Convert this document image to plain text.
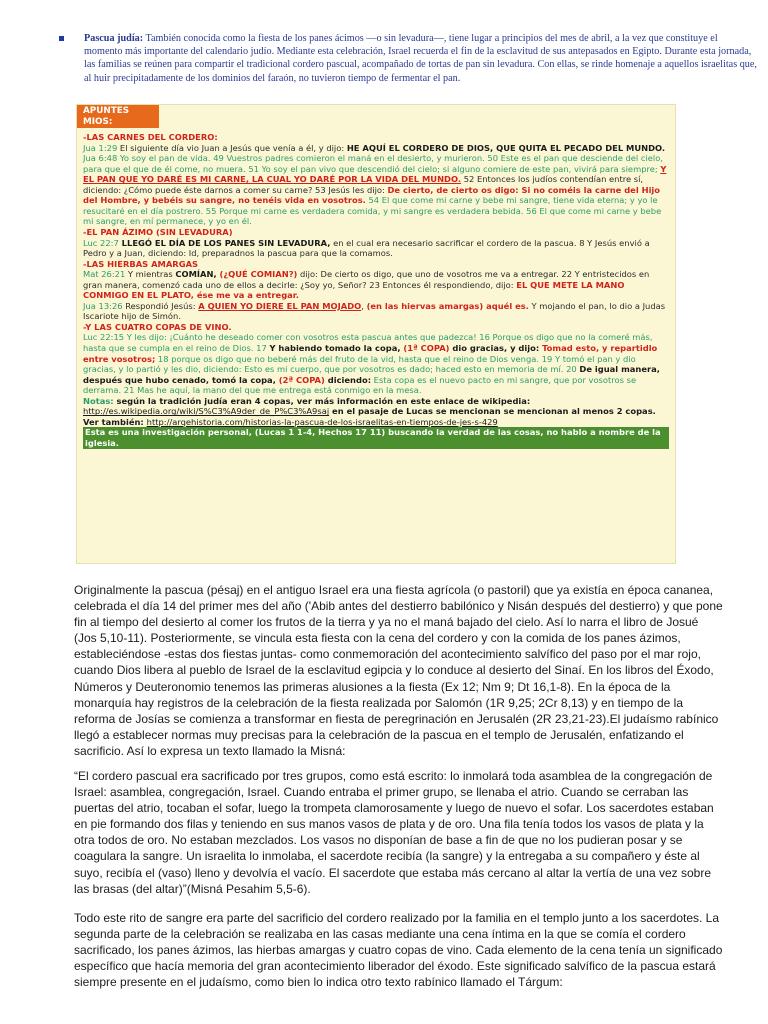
Pascua judía: También conocida como la fiesta de los panes ácimos —o sin levadura—, tiene lugar a principios del mes de abril, a la vez que constituye el momento más importante del calendario judío. Mediante esta celebración, Israel recuerda el fin de la esclavitud de sus antepasados en Egipto. Durante esta jornada, las familias se reúnen para compartir el tradicional cordero pascual, acompañado de tortas de pan sin levadura. Con ellas, se rinde homenaje a aquellos israelitas que, al huir precipitadamente de los dominios del faraón, no tuvieron tiempo de fermentar el pan.

APUNTES MIOS:
-LAS CARNES DEL CORDERO:
Jua 1:29 El siguiente día vio Juan a Jesús que venía a él, y dijo: HE AQUÍ EL CORDERO DE DIOS, QUE QUITA EL PECADO DEL MUNDO.
Jua 6:48 Yo soy el pan de vida. 49 Vuestros padres comieron el maná en el desierto, y murieron. 50 Este es el pan que desciende del cielo, para que el que de él come, no muera. 51 Yo soy el pan vivo que descendió del cielo; si alguno comiere de este pan, vivirá para siempre; Y EL PAN QUE YO DARÉ ES MI CARNE, LA CUAL YO DARÉ POR LA VIDA DEL MUNDO. 52 Entonces los judíos contendían entre sí, diciendo: ¿Cómo puede éste darnos a comer su carne? 53 Jesús les dijo: De cierto, de cierto os digo: Si no coméis la carne del Hijo del Hombre, y bebéis su sangre, no tenéis vida en vosotros. 54 El que come mi carne y bebe mi sangre, tiene vida eterna; y yo le resucitaré en el día postrero. 55 Porque mi carne es verdadera comida, y mi sangre es verdadera bebida. 56 El que come mi carne y bebe mi sangre, en mí permanece, y yo en él.
-EL PAN ÁZIMO (SIN LEVADURA)
Luc 22:7 LLEGÓ EL DÍA DE LOS PANES SIN LEVADURA, en el cual era necesario sacrificar el cordero de la pascua. 8 Y Jesús envió a Pedro y a Juan, diciendo: Id, preparadnos la pascua para que la comamos.
-LAS HIERBAS AMARGAS
Mat 26:21 Y mientras COMÍAN, (¿QUÉ COMIAN?) dijo: De cierto os digo, que uno de vosotros me va a entregar. 22 Y entristecidos en gran manera, comenzó cada uno de ellos a decirle: ¿Soy yo, Señor? 23 Entonces él respondiendo, dijo: EL QUE METE LA MANO CONMIGO EN EL PLATO, ése me va a entregar.
Jua 13:26 Respondió Jesús: A QUIEN YO DIERE EL PAN MOJADO, (en las hiervas amargas) aquél es. Y mojando el pan, lo dio a Judas Iscariote hijo de Simón.
-Y LAS CUATRO COPAS DE VINO.
Luc 22:15 Y les dijo: ¡Cuánto he deseado comer con vosotros esta pascua antes que padezca! 16 Porque os digo que no la comeré más, hasta que se cumpla en el reino de Dios. 17 Y habiendo tomado la copa, (1ª COPA) dio gracias, y dijo: Tomad esto, y repartidlo entre vosotros; 18 porque os digo que no beberé más del fruto de la vid, hasta que el reino de Dios venga. 19 Y tomó el pan y dio gracias, y lo partió y les dio, diciendo: Esto es mi cuerpo, que por vosotros es dado; haced esto en memoria de mí. 20 De igual manera, después que hubo cenado, tomó la copa, (2ª COPA) diciendo: Esta copa es el nuevo pacto en mi sangre, que por vosotros se derrama. 21 Mas he aquí, la mano del que me entrega está conmigo en la mesa.
Notas: según la tradición judía eran 4 copas, ver más información en este enlace de wikipedia: http://es.wikipedia.org/wiki/S%C3%A9der_de_P%C3%A9saj en el pasaje de Lucas se mencionan se mencionan al menos 2 copas.
Ver también: http://arqehistoria.com/historias-la-pascua-de-los-israelitas-en-tiempos-de-jes-s-429
Esta es una investigación personal, (Lucas 1 1-4, Hechos 17 11) buscando la verdad de las cosas, no hablo a nombre de la iglesia.

Originalmente la pascua (pésaj) en el antiguo Israel era una fiesta agrícola (o pastoril) que ya existía en época cananea, celebrada el día 14 del primer mes del año ('Abib antes del destierro babilónico y Nisán después del destierro) y que pone fin al tiempo del desierto al comer los frutos de la tierra y ya no el maná bajado del cielo. Así lo narra el libro de Josué (Jos 5,10-11). Posteriormente, se vincula esta fiesta con la cena del cordero y con la comida de los panes ázimos, estableciéndose -estas dos fiestas juntas- como conmemoración del acontecimiento salvífico del paso por el mar rojo, cuando Dios libera al pueblo de Israel de la esclavitud egipcia y lo conduce al desierto del Sinaí. En los libros del Éxodo, Números y Deuteronomio tenemos las primeras alusiones a la fiesta (Ex 12; Nm 9; Dt 16,1-8). En la época de la monarquía hay registros de la celebración de la fiesta realizada por Salomón (1R 9,25; 2Cr 8,13) y en tiempo de la reforma de Josías se comienza a transformar en fiesta de peregrinación en Jerusalén (2R 23,21-23).El judaísmo rabínico llegó a establecer normas muy precisas para la celebración de la pascua en el templo de Jerusalén, enfatizando el sacrificio. Así lo expresa un texto llamado la Misná:

“El cordero pascual era sacrificado por tres grupos, como está escrito: lo inmolará toda asamblea de la congregación de Israel: asamblea, congregación, Israel. Cuando entraba el primer grupo, se llenaba el atrio. Cuando se cerraban las puertas del atrio, tocaban el sofar, luego la trompeta clamorosamente y luego de nuevo el sofar. Los sacerdotes estaban en pie formando dos filas y teniendo en sus manos vasos de plata y de oro. Una fila tenía todos los vasos de plata y la otra todos de oro. No estaban mezclados. Los vasos no disponían de base a fin de que no los pudieran posar y se coagulara la sangre. Un israelita lo inmolaba, el sacerdote recibía (la sangre) y la entregaba a su compañero y éste al suyo, recibía el (vaso) lleno y devolvía el vacío. El sacerdote que estaba más cercano al altar la vertía de una vez sobre las brasas (del altar)”(Misná Pesahim 5,5-6).

Todo este rito de sangre era parte del sacrificio del cordero realizado por la familia en el templo junto a los sacerdotes. La segunda parte de la celebración se realizaba en las casas mediante una cena íntima en la que se comía el cordero sacrificado, los panes ázimos, las hierbas amargas y cuatro copas de vino. Cada elemento de la cena tenía un significado específico que hacía memoria del gran acontecimiento liberador del éxodo. Este significado salvífico de la pascua estará siempre presente en el judaísmo, como bien lo indica otro texto rabínico llamado el Tárgum:
